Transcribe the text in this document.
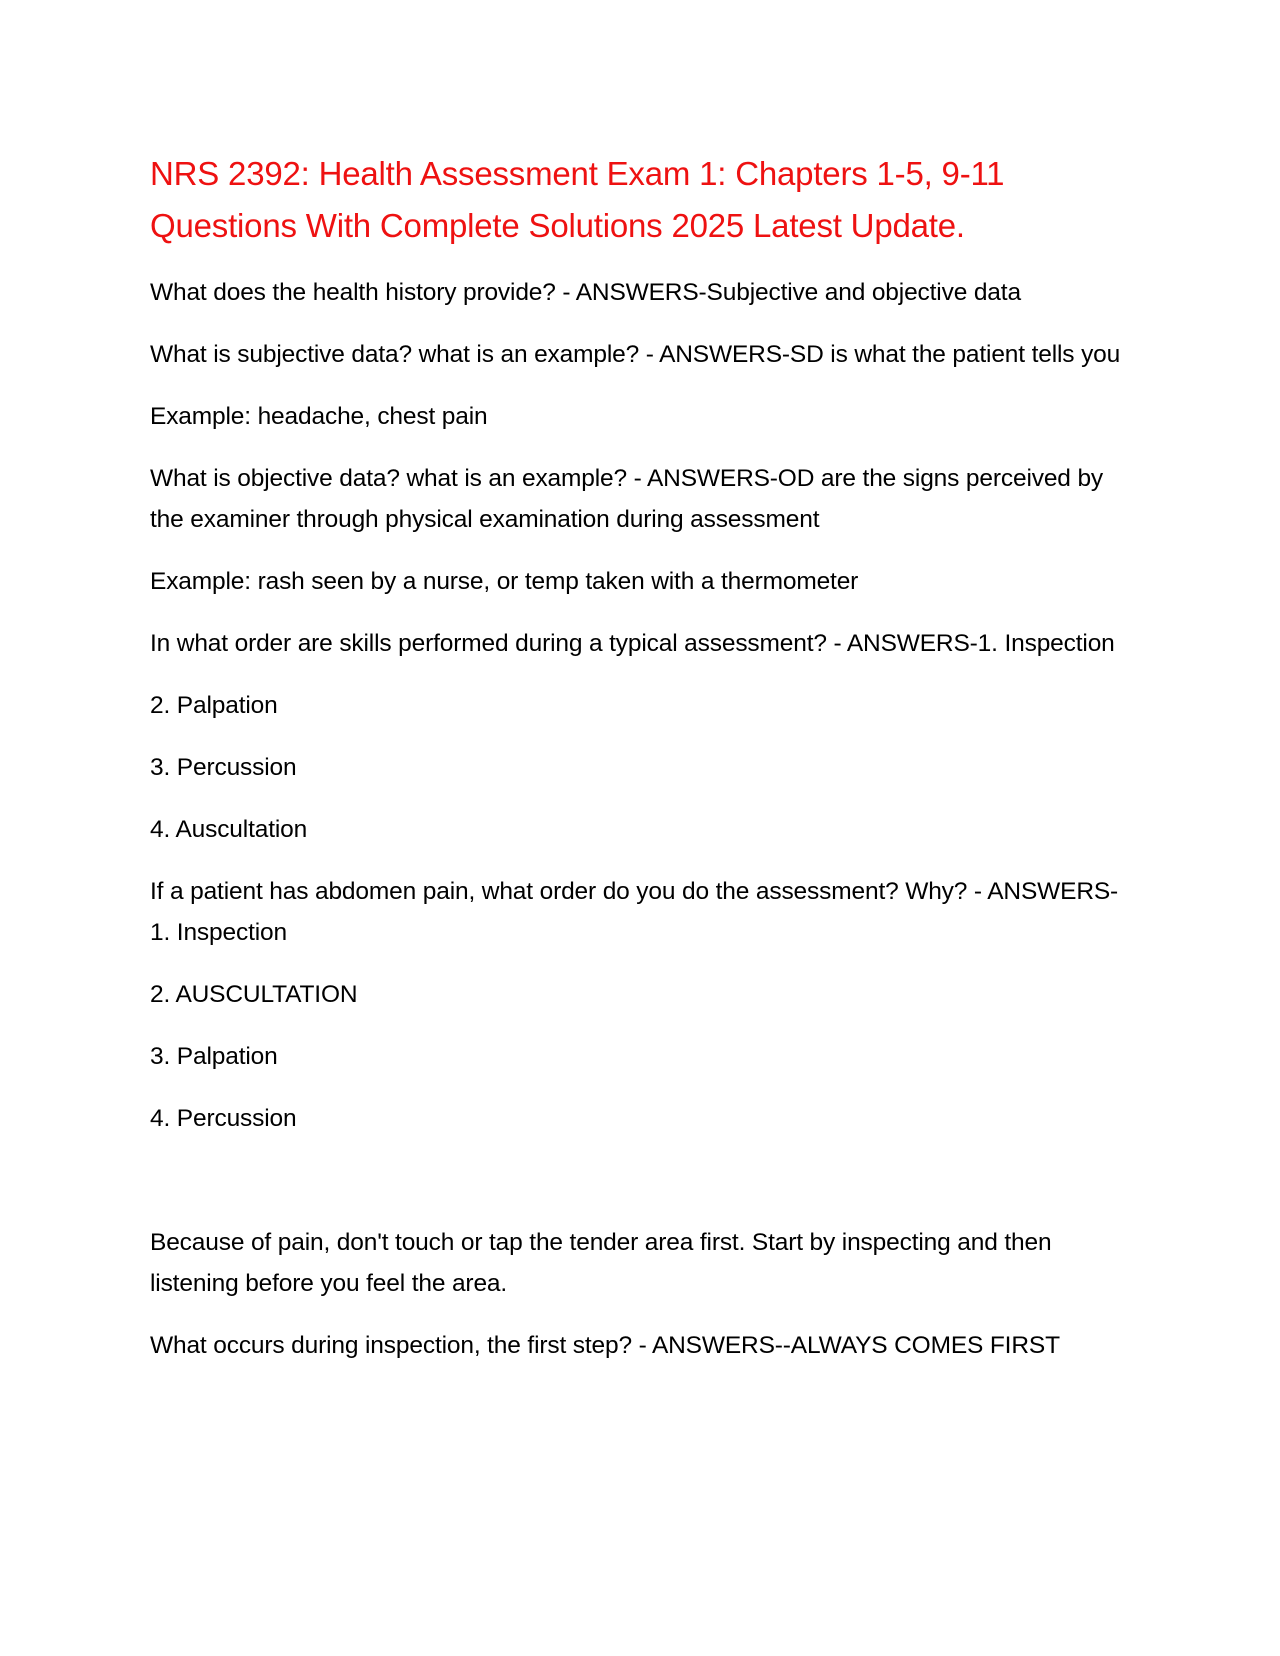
NRS 2392: Health Assessment Exam 1: Chapters 1-5, 9-11 Questions With Complete Solutions 2025 Latest Update.

What does the health history provide? - ANSWERS-Subjective and objective data

What is subjective data? what is an example? - ANSWERS-SD is what the patient tells you

Example: headache, chest pain

What is objective data? what is an example? - ANSWERS-OD are the signs perceived by the examiner through physical examination during assessment

Example: rash seen by a nurse, or temp taken with a thermometer

In what order are skills performed during a typical assessment? - ANSWERS-1. Inspection

2. Palpation

3. Percussion

4. Auscultation

If a patient has abdomen pain, what order do you do the assessment? Why? - ANSWERS-1. Inspection

2. AUSCULTATION

3. Palpation

4. Percussion

Because of pain, don't touch or tap the tender area first. Start by inspecting and then listening before you feel the area.

What occurs during inspection, the first step? - ANSWERS--ALWAYS COMES FIRST
